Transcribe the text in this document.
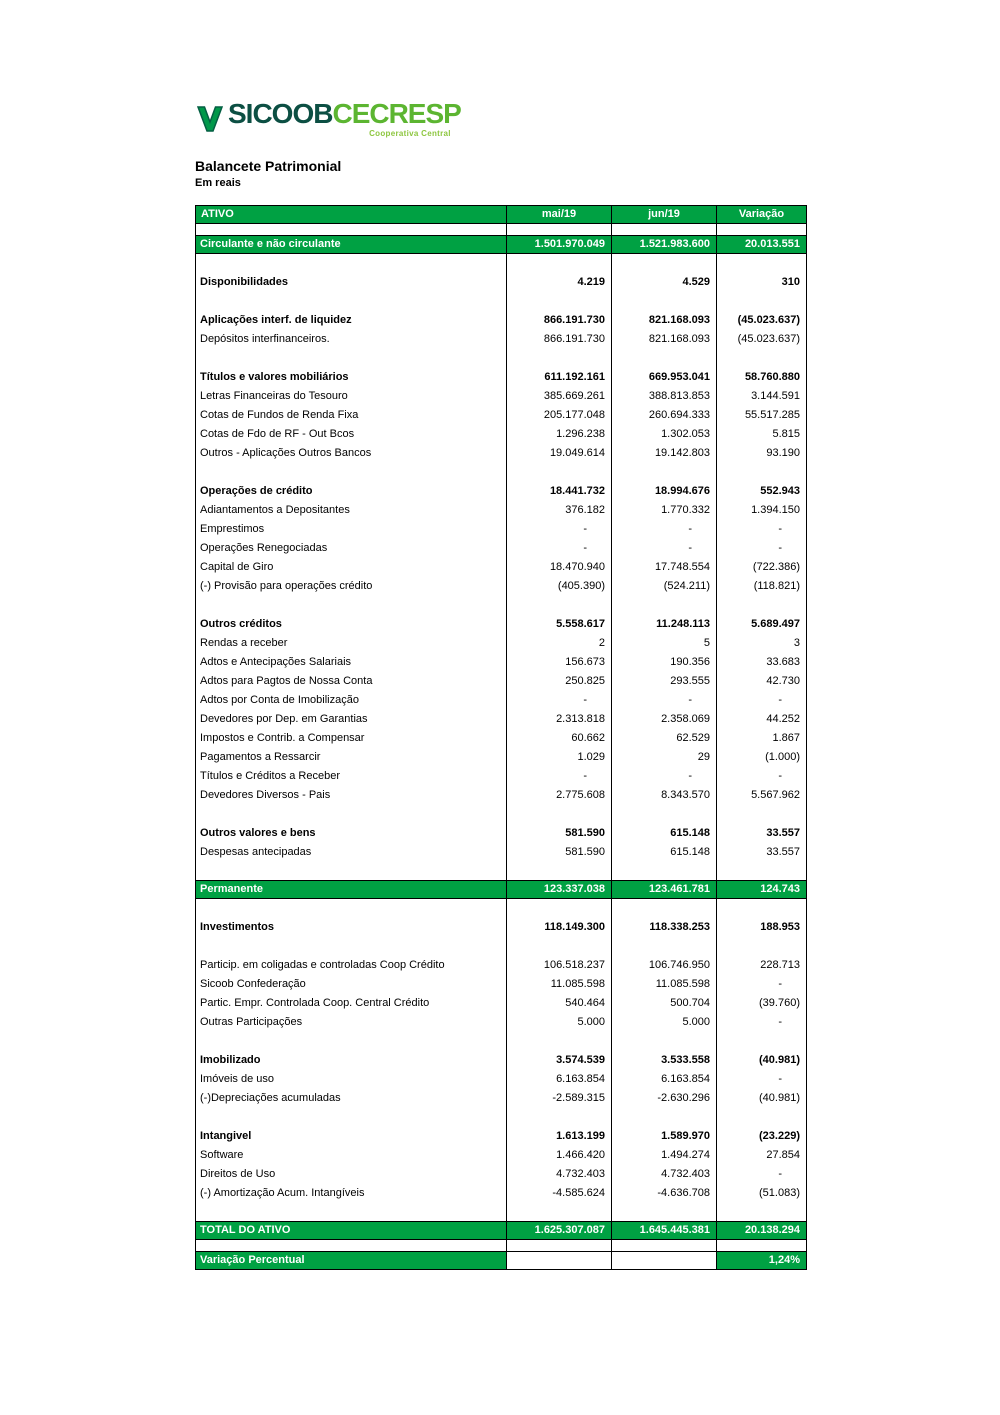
SICOOBCECRESP
Cooperativa Central
Balancete Patrimonial
Em reais
ATIVO	mai/19	jun/19	Variação

Circulante e não circulante	1.501.970.049	1.521.983.600	20.013.551

Disponibilidades	4.219	4.529	310

Aplicações interf. de liquidez	866.191.730	821.168.093	(45.023.637)
Depósitos interfinanceiros.	866.191.730	821.168.093	(45.023.637)

Títulos e valores mobiliários	611.192.161	669.953.041	58.760.880
Letras Financeiras do Tesouro	385.669.261	388.813.853	3.144.591
Cotas de Fundos de Renda Fixa	205.177.048	260.694.333	55.517.285
Cotas de Fdo de RF - Out Bcos	1.296.238	1.302.053	5.815
Outros - Aplicações Outros Bancos	19.049.614	19.142.803	93.190

Operações de crédito	18.441.732	18.994.676	552.943
Adiantamentos a Depositantes	376.182	1.770.332	1.394.150
Emprestimos	-	-	-
Operações Renegociadas	-	-	-
Capital de Giro	18.470.940	17.748.554	(722.386)
(-) Provisão para operações crédito	(405.390)	(524.211)	(118.821)

Outros créditos	5.558.617	11.248.113	5.689.497
Rendas a receber	2	5	3
Adtos e Antecipações Salariais	156.673	190.356	33.683
Adtos para Pagtos de Nossa Conta	250.825	293.555	42.730
Adtos por Conta de Imobilização	-	-	-
Devedores por Dep. em Garantias	2.313.818	2.358.069	44.252
Impostos e Contrib. a Compensar	60.662	62.529	1.867
Pagamentos a Ressarcir	1.029	29	(1.000)
Títulos e Créditos a Receber	-	-	-
Devedores Diversos - Pais	2.775.608	8.343.570	5.567.962

Outros valores e bens	581.590	615.148	33.557
Despesas antecipadas	581.590	615.148	33.557

Permanente	123.337.038	123.461.781	124.743

Investimentos	118.149.300	118.338.253	188.953

Particip. em coligadas e controladas Coop Crédito	106.518.237	106.746.950	228.713
Sicoob Confederação	11.085.598	11.085.598	-
Partic. Empr. Controlada Coop. Central Crédito	540.464	500.704	(39.760)
Outras Participações	5.000	5.000	-

Imobilizado	3.574.539	3.533.558	(40.981)
Imóveis de uso	6.163.854	6.163.854	-
(-)Depreciações acumuladas	-2.589.315	-2.630.296	(40.981)

Intangivel	1.613.199	1.589.970	(23.229)
Software	1.466.420	1.494.274	27.854
Direitos de Uso	4.732.403	4.732.403	-
(-) Amortização Acum. Intangíveis	-4.585.624	-4.636.708	(51.083)

TOTAL DO ATIVO	1.625.307.087	1.645.445.381	20.138.294

Variação Percentual			1,24%
